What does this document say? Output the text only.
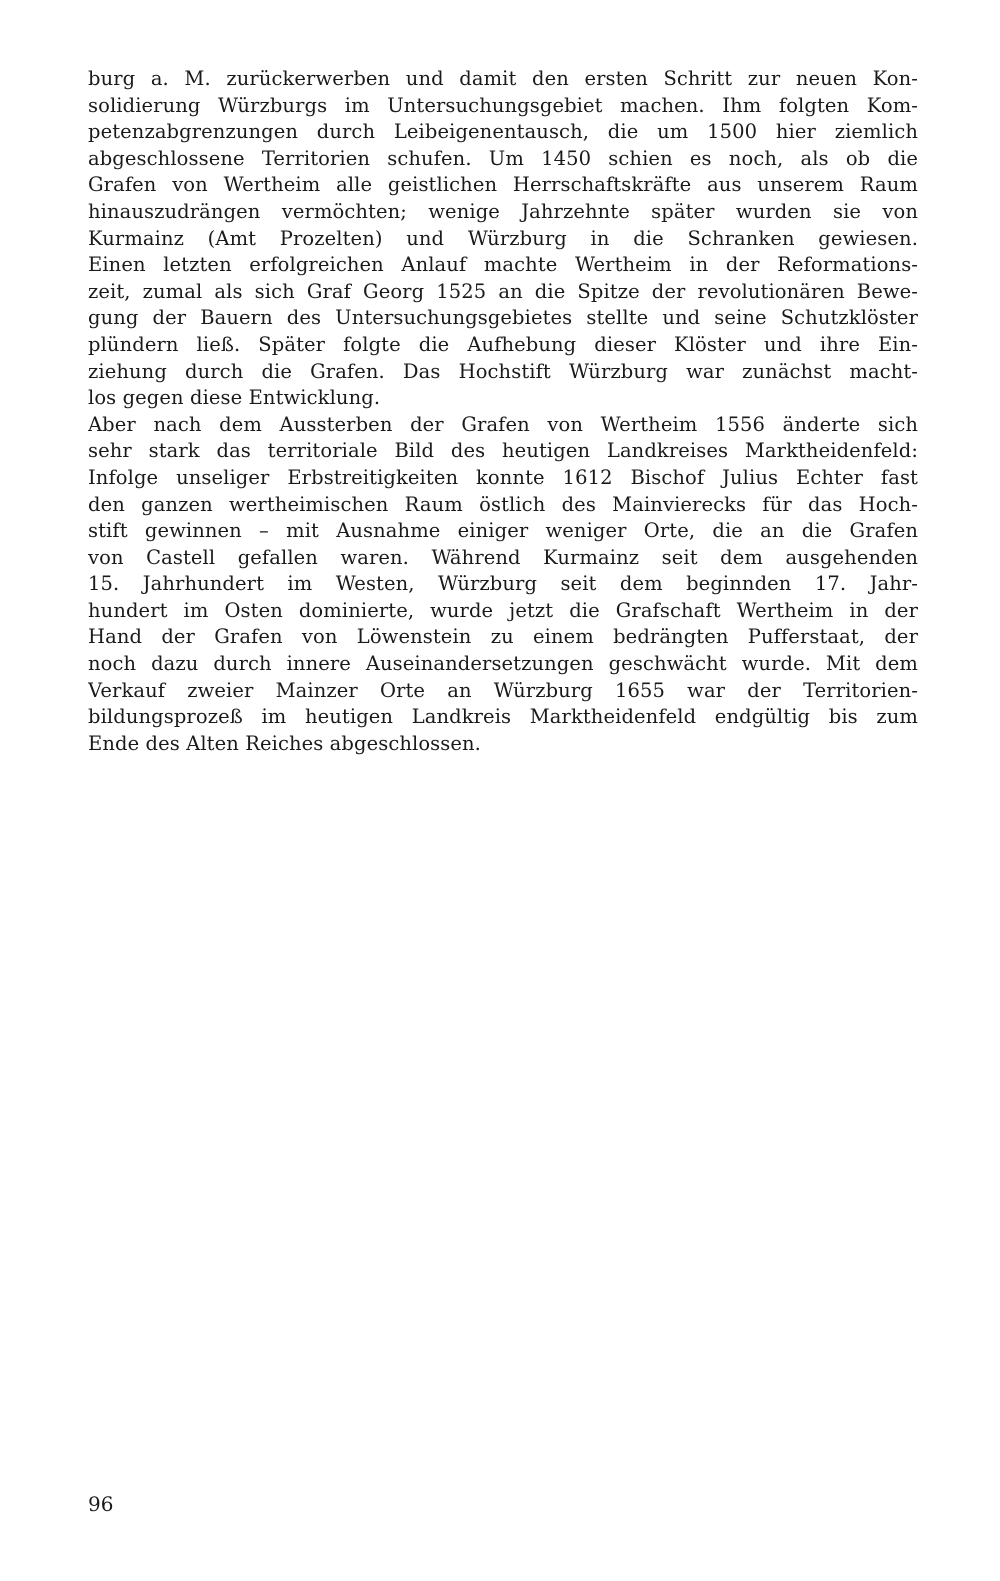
burg a. M. zurückerwerben und damit den ersten Schritt zur neuen Kon-
solidierung Würzburgs im Untersuchungsgebiet machen. Ihm folgten Kom-
petenzabgrenzungen durch Leibeigenentausch, die um 1500 hier ziemlich
abgeschlossene Territorien schufen. Um 1450 schien es noch, als ob die
Grafen von Wertheim alle geistlichen Herrschaftskräfte aus unserem Raum
hinauszudrängen vermöchten; wenige Jahrzehnte später wurden sie von
Kurmainz (Amt Prozelten) und Würzburg in die Schranken gewiesen.
Einen letzten erfolgreichen Anlauf machte Wertheim in der Reformations-
zeit, zumal als sich Graf Georg 1525 an die Spitze der revolutionären Bewe-
gung der Bauern des Untersuchungsgebietes stellte und seine Schutzklöster
plündern ließ. Später folgte die Aufhebung dieser Klöster und ihre Ein-
ziehung durch die Grafen. Das Hochstift Würzburg war zunächst macht-
los gegen diese Entwicklung.
Aber nach dem Aussterben der Grafen von Wertheim 1556 änderte sich
sehr stark das territoriale Bild des heutigen Landkreises Marktheidenfeld:
Infolge unseliger Erbstreitigkeiten konnte 1612 Bischof Julius Echter fast
den ganzen wertheimischen Raum östlich des Mainvierecks für das Hoch-
stift gewinnen – mit Ausnahme einiger weniger Orte, die an die Grafen
von Castell gefallen waren. Während Kurmainz seit dem ausgehenden
15. Jahrhundert im Westen, Würzburg seit dem beginnden 17. Jahr-
hundert im Osten dominierte, wurde jetzt die Grafschaft Wertheim in der
Hand der Grafen von Löwenstein zu einem bedrängten Pufferstaat, der
noch dazu durch innere Auseinandersetzungen geschwächt wurde. Mit dem
Verkauf zweier Mainzer Orte an Würzburg 1655 war der Territorien-
bildungsprozeß im heutigen Landkreis Marktheidenfeld endgültig bis zum
Ende des Alten Reiches abgeschlossen.
96
